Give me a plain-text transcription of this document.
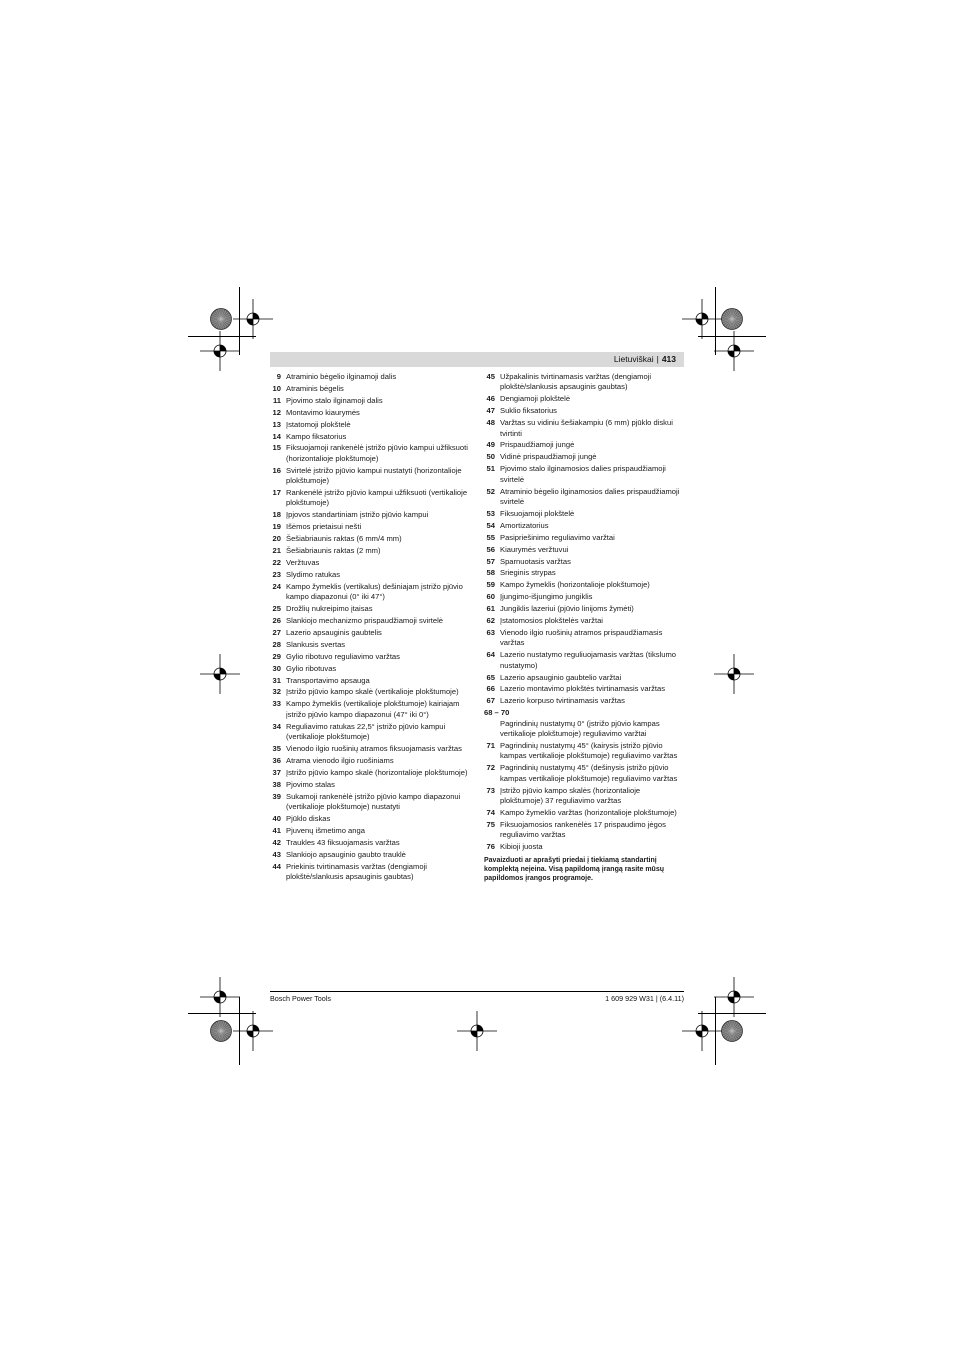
Lietuviškai | 413
9 Atraminio bėgelio ilginamoji dalis
10 Atraminis bėgelis
11 Pjovimo stalo ilginamoji dalis
12 Montavimo kiaurymės
13 Įstatomoji plokštelė
14 Kampo fiksatorius
15 Fiksuojamoji rankenėlė įstrižo pjūvio kampui užfiksuoti (horizontalioje plokštumoje)
16 Svirtelė įstrižo pjūvio kampui nustatyti (horizontalioje plokštumoje)
17 Rankenėlė įstrižo pjūvio kampui užfiksuoti (vertikalioje plokštumoje)
18 Įpjovos standartiniam įstrižo pjūvio kampui
19 Išėmos prietaisui nešti
20 Šešiabriaunis raktas (6 mm/4 mm)
21 Šešiabriaunis raktas (2 mm)
22 Veržtuvas
23 Slydimo ratukas
24 Kampo žymeklis (vertikalus) dešiniajam įstrižo pjūvio kampo diapazonui (0° iki 47°)
25 Drožlių nukreipimo įtaisas
26 Slankiojo mechanizmo prispaudžiamoji svirtelė
27 Lazerio apsauginis gaubtelis
28 Slankusis svertas
29 Gylio ribotuvo reguliavimo varžtas
30 Gylio ribotuvas
31 Transportavimo apsauga
32 Įstrižo pjūvio kampo skalė (vertikalioje plokštumoje)
33 Kampo žymeklis (vertikalioje plokštumoje) kairiajam įstrižo pjūvio kampo diapazonui (47° iki 0°)
34 Reguliavimo ratukas 22,5° įstrižo pjūvio kampui (vertikalioje plokštumoje)
35 Vienodo ilgio ruošinių atramos fiksuojamasis varžtas
36 Atrama vienodo ilgio ruošiniams
37 Įstrižo pjūvio kampo skalė (horizontalioje plokštumoje)
38 Pjovimo stalas
39 Sukamoji rankenėlė įstrižo pjūvio kampo diapazonui (vertikalioje plokštumoje) nustatyti
40 Pjūklo diskas
41 Pjuvenų išmetimo anga
42 Traukles 43 fiksuojamasis varžtas
43 Slankiojo apsauginio gaubto trauklė
44 Priekinis tvirtinamasis varžtas (dengiamoji plokštė/slankusis apsauginis gaubtas)
45 Užpakalinis tvirtinamasis varžtas (dengiamoji plokštė/slankusis apsauginis gaubtas)
46 Dengiamoji plokštelė
47 Suklio fiksatorius
48 Varžtas su vidiniu šešiakampiu (6 mm) pjūklo diskui tvirtinti
49 Prispaudžiamoji jungė
50 Vidinė prispaudžiamoji jungė
51 Pjovimo stalo ilginamosios dalies prispaudžiamoji svirtelė
52 Atraminio bėgelio ilginamosios dalies prispaudžiamoji svirtelė
53 Fiksuojamoji plokštelė
54 Amortizatorius
55 Pasipriešinimo reguliavimo varžtai
56 Kiaurymės veržtuvui
57 Sparnuotasis varžtas
58 Srieginis strypas
59 Kampo žymeklis (horizontalioje plokštumoje)
60 Įjungimo-išjungimo jungiklis
61 Jungiklis lazeriui (pjūvio linijoms žymėti)
62 Įstatomosios plokštelės varžtai
63 Vienodo ilgio ruošinių atramos prispaudžiamasis varžtas
64 Lazerio nustatymo reguliuojamasis varžtas (tikslumo nustatymo)
65 Lazerio apsauginio gaubtelio varžtai
66 Lazerio montavimo plokštės tvirtinamasis varžtas
67 Lazerio korpuso tvirtinamasis varžtas
68 – 70
Pagrindinių nustatymų 0° (įstrižo pjūvio kampas vertikalioje plokštumoje) reguliavimo varžtai
71 Pagrindinių nustatymų 45° (kairysis įstrižo pjūvio kampas vertikalioje plokštumoje) reguliavimo varžtas
72 Pagrindinių nustatymų 45° (dešinysis įstrižo pjūvio kampas vertikalioje plokštumoje) reguliavimo varžtas
73 Įstrižo pjūvio kampo skalės (horizontalioje plokštumoje) 37 reguliavimo varžtas
74 Kampo žymeklio varžtas (horizontalioje plokštumoje)
75 Fiksuojamosios rankenėlės 17 prispaudimo jėgos reguliavimo varžtas
76 Kibioji juosta
Pavaizduoti ar aprašyti priedai į tiekiamą standartinį komplektą neįeina. Visą papildomą įrangą rasite mūsų papildomos įrangos programoje.
Bosch Power Tools	1 609 929 W31 | (6.4.11)
